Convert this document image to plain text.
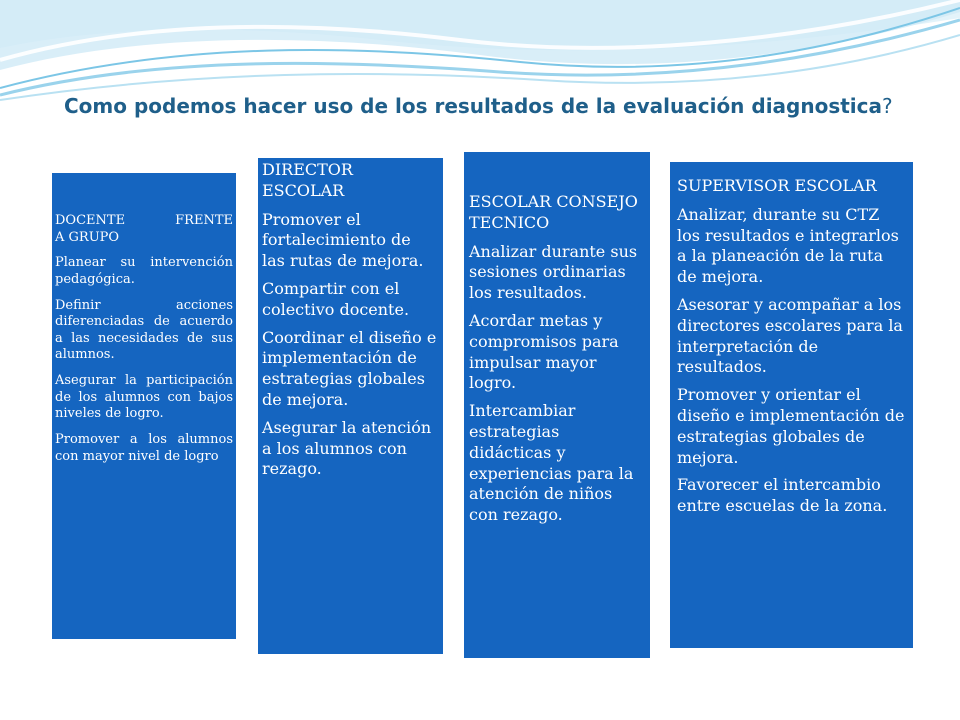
Como podemos hacer uso de los resultados de la evaluación diagnostica?

DOCENTE FRENTE

A GRUPO

Planear su intervención pedagógica.

Definir acciones diferenciadas de acuerdo a las necesidades de sus alumnos.

Asegurar la participación de los alumnos con bajos niveles de logro.

Promover a los alumnos con mayor nivel de logro

DIRECTOR ESCOLAR

Promover el fortalecimiento de las rutas de mejora.

Compartir con el colectivo docente.

Coordinar el diseño e implementación de estrategias globales de mejora.

Asegurar la atención a los alumnos con rezago.

ESCOLAR CONSEJO TECNICO

Analizar durante sus sesiones ordinarias los resultados.

Acordar metas y compromisos para impulsar mayor logro.

Intercambiar estrategias didácticas y experiencias para la atención de niños con rezago.

SUPERVISOR ESCOLAR

Analizar, durante su CTZ los resultados e integrarlos a la planeación de la ruta de mejora.

Asesorar y acompañar a los directores escolares para la interpretación de resultados.

Promover y orientar el diseño e implementación de estrategias globales de mejora.

Favorecer el intercambio entre escuelas de la zona.
